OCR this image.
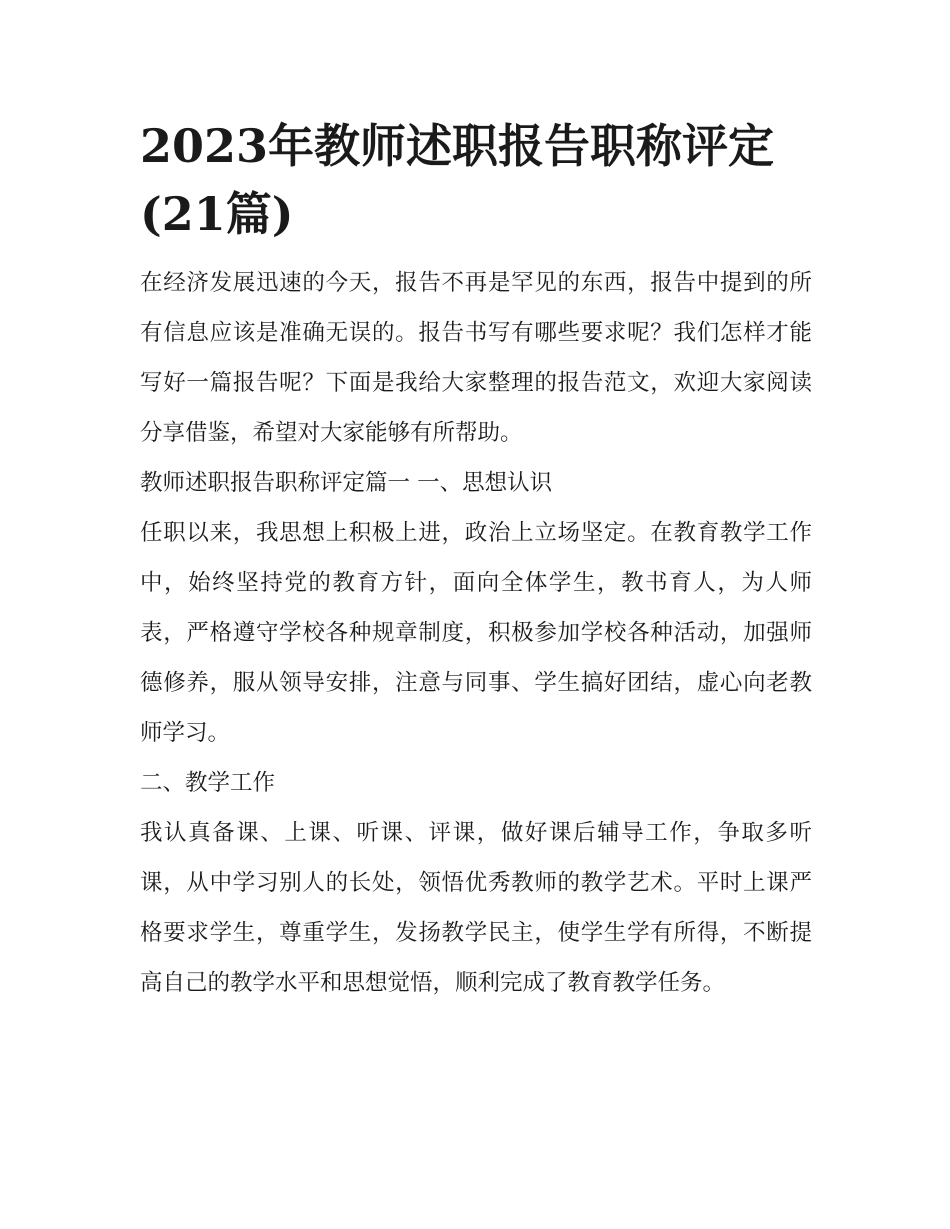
2023年教师述职报告职称评定
(21篇)

在经济发展迅速的今天，报告不再是罕见的东西，报告中提到的所有信息应该是准确无误的。报告书写有哪些要求呢？我们怎样才能写好一篇报告呢？下面是我给大家整理的报告范文，欢迎大家阅读分享借鉴，希望对大家能够有所帮助。

教师述职报告职称评定篇一 一、思想认识

任职以来，我思想上积极上进，政治上立场坚定。在教育教学工作中，始终坚持党的教育方针，面向全体学生，教书育人，为人师表，严格遵守学校各种规章制度，积极参加学校各种活动，加强师德修养，服从领导安排，注意与同事、学生搞好团结，虚心向老教师学习。

二、教学工作

我认真备课、上课、听课、评课，做好课后辅导工作，争取多听课，从中学习别人的长处，领悟优秀教师的教学艺术。平时上课严格要求学生，尊重学生，发扬教学民主，使学生学有所得，不断提高自己的教学水平和思想觉悟，顺利完成了教育教学任务。
